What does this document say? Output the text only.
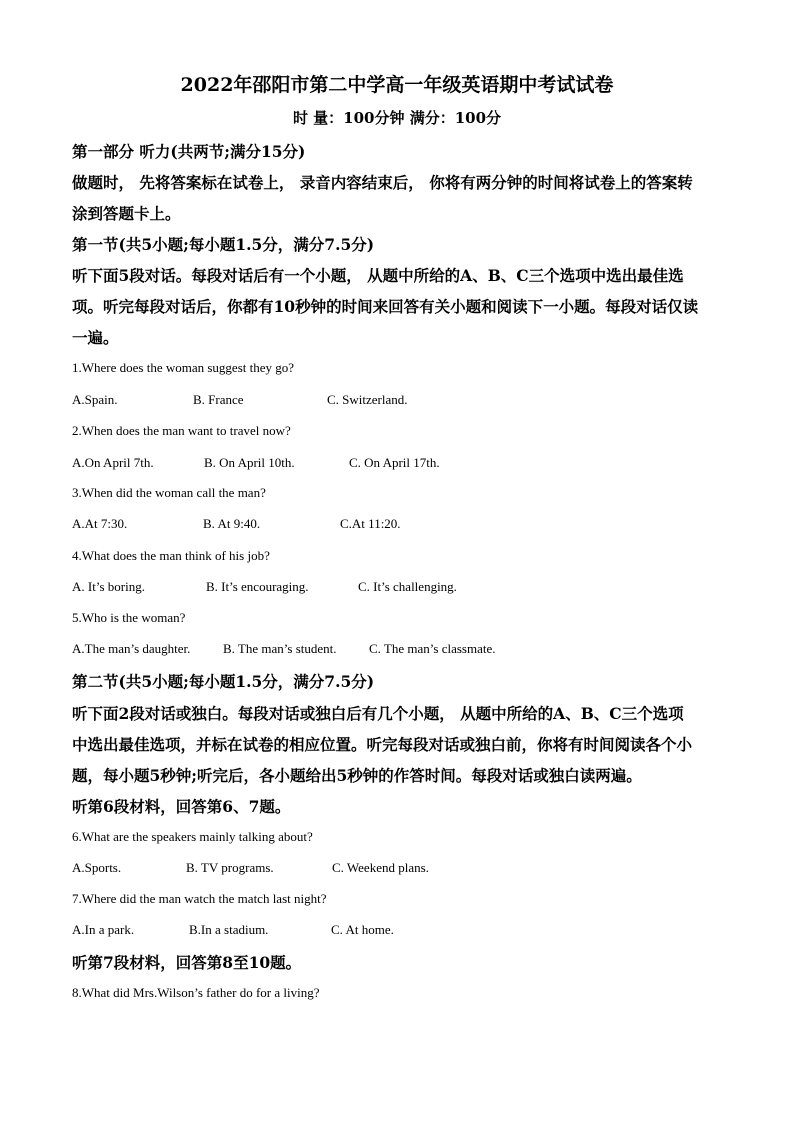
2022年邵阳市第二中学高一年级英语期中考试试卷
时 量：100分钟 满分：100分
第一部分 听力(共两节;满分15分)
做题时， 先将答案标在试卷上， 录音内容结束后， 你将有两分钟的时间将试卷上的答案转
涂到答题卡上。
第一节(共5小题;每小题1.5分，满分7.5分)
听下面5段对话。每段对话后有一个小题， 从题中所给的A、B、C三个选项中选出最佳选
项。听完每段对话后，你都有10秒钟的时间来回答有关小题和阅读下一小题。每段对话仅读
一遍。
1.Where does the woman suggest they go?
A.Spain.	B. France	C. Switzerland.
2.When does the man want to travel now?
A.On April 7th.	B. On April 10th.	C. On April 17th.
3.When did the woman call the man?
A.At 7:30.	B. At 9:40.	C.At 11:20.
4.What does the man think of his job?
A. It’s boring.	B. It’s encouraging.	C. It’s challenging.
5.Who is the woman?
A.The man’s daughter.	B. The man’s student. C. The man’s classmate.
第二节(共5小题;每小题1.5分，满分7.5分)
听下面2段对话或独白。每段对话或独白后有几个小题， 从题中所给的A、B、C三个选项
中选出最佳选项，并标在试卷的相应位置。听完每段对话或独白前，你将有时间阅读各个小
题，每小题5秒钟;听完后，各小题给出5秒钟的作答时间。每段对话或独白读两遍。
听第6段材料，回答第6、7题。
6.What are the speakers mainly talking about?
A.Sports.	B. TV programs.	C. Weekend plans.
7.Where did the man watch the match last night?
A.In a park.	B.In a stadium.	C. At home.
听第7段材料，回答第8至10题。
8.What did Mrs.Wilson’s father do for a living?
